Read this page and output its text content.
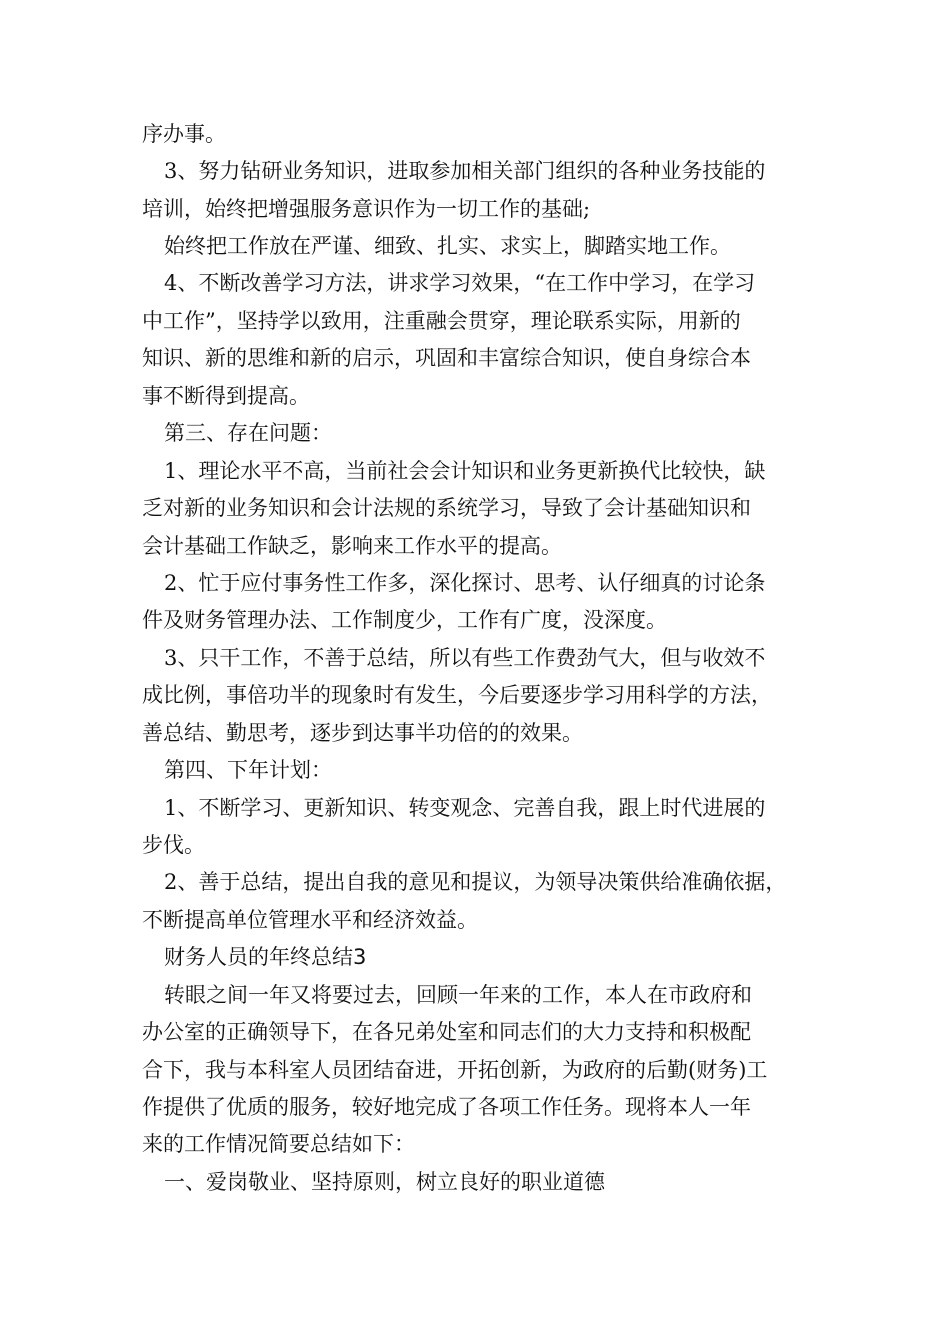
序办事。
3、努力钻研业务知识，进取参加相关部门组织的各种业务技能的
培训，始终把增强服务意识作为一切工作的基础;
始终把工作放在严谨、细致、扎实、求实上，脚踏实地工作。
4、不断改善学习方法，讲求学习效果，“在工作中学习，在学习
中工作”，坚持学以致用，注重融会贯穿，理论联系实际，用新的
知识、新的思维和新的启示，巩固和丰富综合知识，使自身综合本
事不断得到提高。
第三、存在问题：
1、理论水平不高，当前社会会计知识和业务更新换代比较快，缺
乏对新的业务知识和会计法规的系统学习，导致了会计基础知识和
会计基础工作缺乏，影响来工作水平的提高。
2、忙于应付事务性工作多，深化探讨、思考、认仔细真的讨论条
件及财务管理办法、工作制度少，工作有广度，没深度。
3、只干工作，不善于总结，所以有些工作费劲气大，但与收效不
成比例，事倍功半的现象时有发生，今后要逐步学习用科学的方法，
善总结、勤思考，逐步到达事半功倍的的效果。
第四、下年计划：
1、不断学习、更新知识、转变观念、完善自我，跟上时代进展的
步伐。
2、善于总结，提出自我的意见和提议，为领导决策供给准确依据，
不断提高单位管理水平和经济效益。
财务人员的年终总结3
转眼之间一年又将要过去，回顾一年来的工作，本人在市政府和
办公室的正确领导下，在各兄弟处室和同志们的大力支持和积极配
合下，我与本科室人员团结奋进，开拓创新，为政府的后勤(财务)工
作提供了优质的服务，较好地完成了各项工作任务。现将本人一年
来的工作情况简要总结如下：
一、爱岗敬业、坚持原则，树立良好的职业道德
